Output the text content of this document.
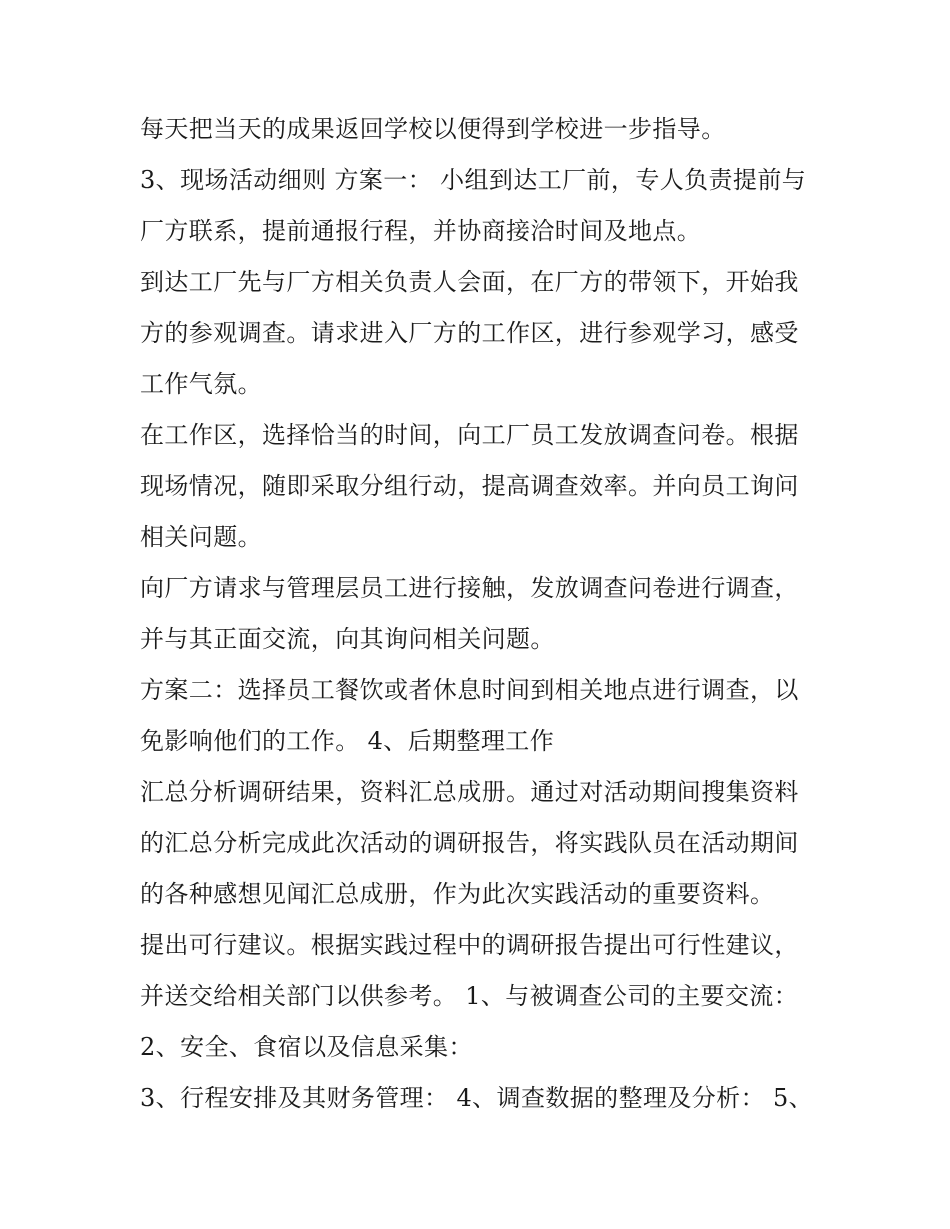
每天把当天的成果返回学校以便得到学校进一步指导。
3、现场活动细则 方案一： 小组到达工厂前，专人负责提前与
厂方联系，提前通报行程，并协商接洽时间及地点。
到达工厂先与厂方相关负责人会面，在厂方的带领下，开始我
方的参观调查。请求进入厂方的工作区，进行参观学习，感受
工作气氛。
在工作区，选择恰当的时间，向工厂员工发放调查问卷。根据
现场情况，随即采取分组行动，提高调查效率。并向员工询问
相关问题。
向厂方请求与管理层员工进行接触，发放调查问卷进行调查，
并与其正面交流，向其询问相关问题。
方案二：选择员工餐饮或者休息时间到相关地点进行调查，以
免影响他们的工作。 4、后期整理工作
汇总分析调研结果，资料汇总成册。通过对活动期间搜集资料
的汇总分析完成此次活动的调研报告，将实践队员在活动期间
的各种感想见闻汇总成册，作为此次实践活动的重要资料。
提出可行建议。根据实践过程中的调研报告提出可行性建议，
并送交给相关部门以供参考。 1、与被调查公司的主要交流：
2、安全、食宿以及信息采集：
3、行程安排及其财务管理： 4、调查数据的整理及分析： 5、
